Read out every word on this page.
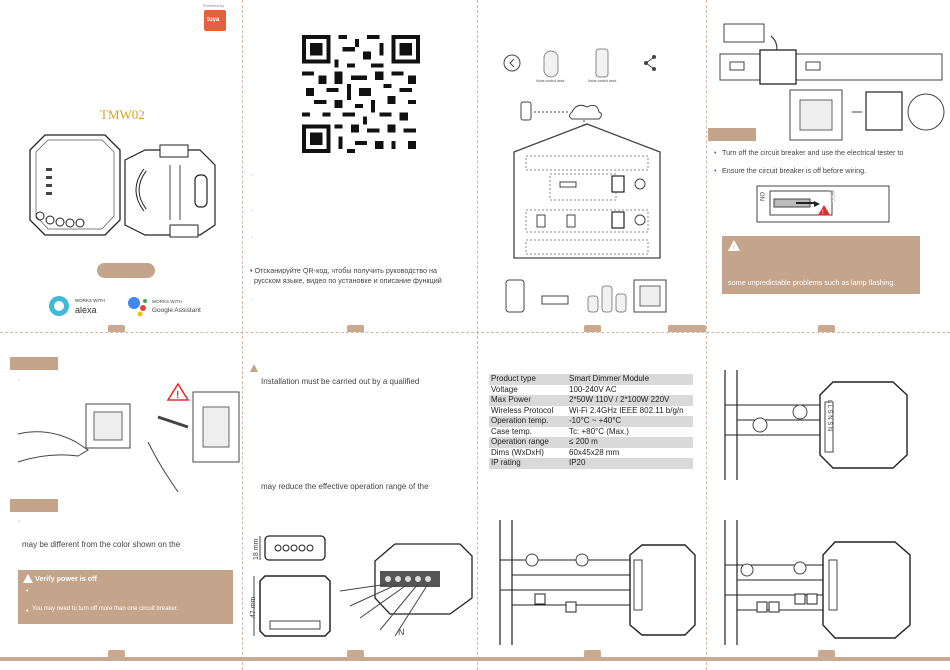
Powered by
tuya
TMW02
WORKS WITH
alexa
WORKS WITH
Google Assistant
·
·
·
• Отсканируйте QR-код, чтобы получить руководство на
русском языке, видео по установке и описание функций
·
Voice control work	Voice control work
• Turn off the circuit breaker and use the electrical tester to
• Ensure the circuit breaker is off before wiring.
!
ON	OFF
!
some unpredictable problems such as lamp flashing.
·
!
·
may be different from the color shown on the
Verify power is off
•
• You may need to turn off more than one circuit breaker.
Installation must be carried out by a qualified
may reduce the effective operation range of the
18 mm
47 mm
N
Product type	Smart Dimmer Module
Voltage	100-240V AC
Max Power	2*50W 110V / 2*100W 220V
Wireless Protocol	Wi-Fi 2.4GHz IEEE 802.11 b/g/n
Operation temp.	-10°C ~ +40°C
Case temp.	Tc: +80°C (Max.)
Operation range	≤ 200 m
Dims (WxDxH)	60x45x28 mm
IP rating	IP20
L L S N S N
